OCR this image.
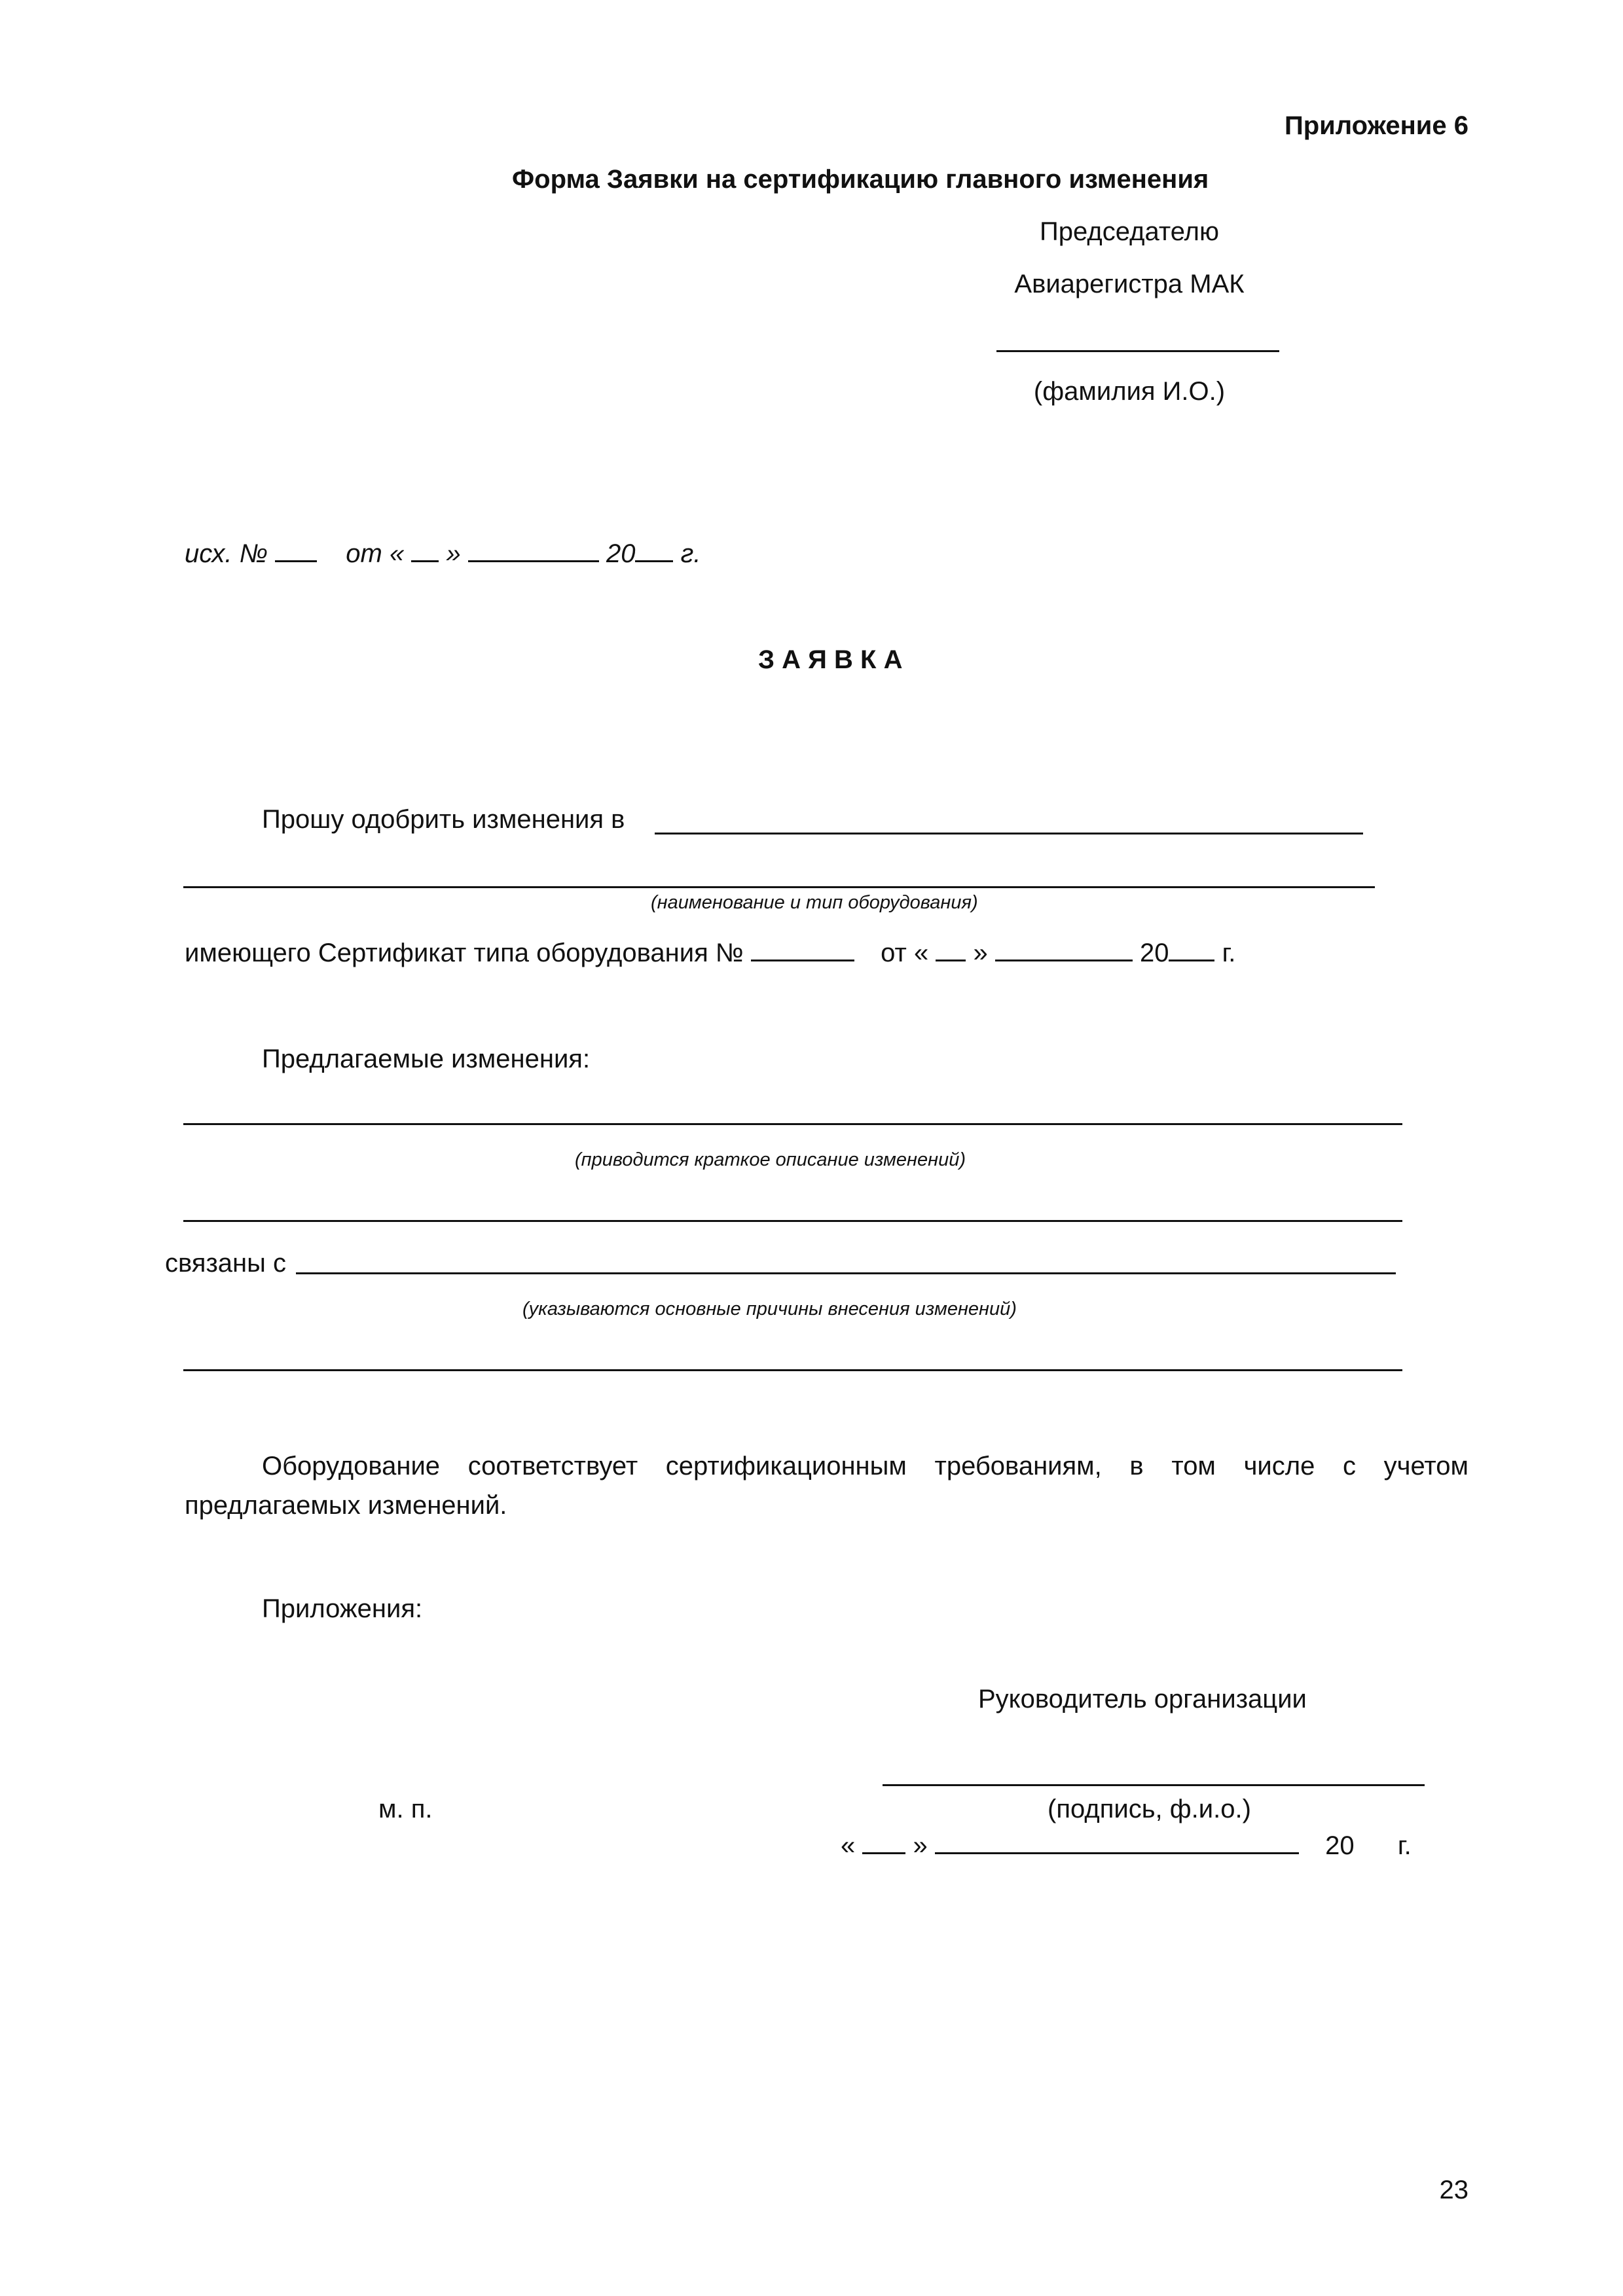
Приложение 6
Форма Заявки на сертификацию главного изменения
Председателю
Авиарегистра МАК
(фамилия И.О.)
исх. №	от « »	20 г.
З А Я В К А
Прошу одобрить изменения в
(наименование и тип оборудования)
имеющего Сертификат типа оборудования №	от « »	20 г.
Предлагаемые изменения:
(приводится краткое описание изменений)
связаны с
(указываются основные причины внесения изменений)
Оборудование соответствует сертификационным требованиям, в том числе с учетом
предлагаемых изменений.
Приложения:
Руководитель организации
м. п.	(подпись, ф.и.о.)
« »	20 г.
23
